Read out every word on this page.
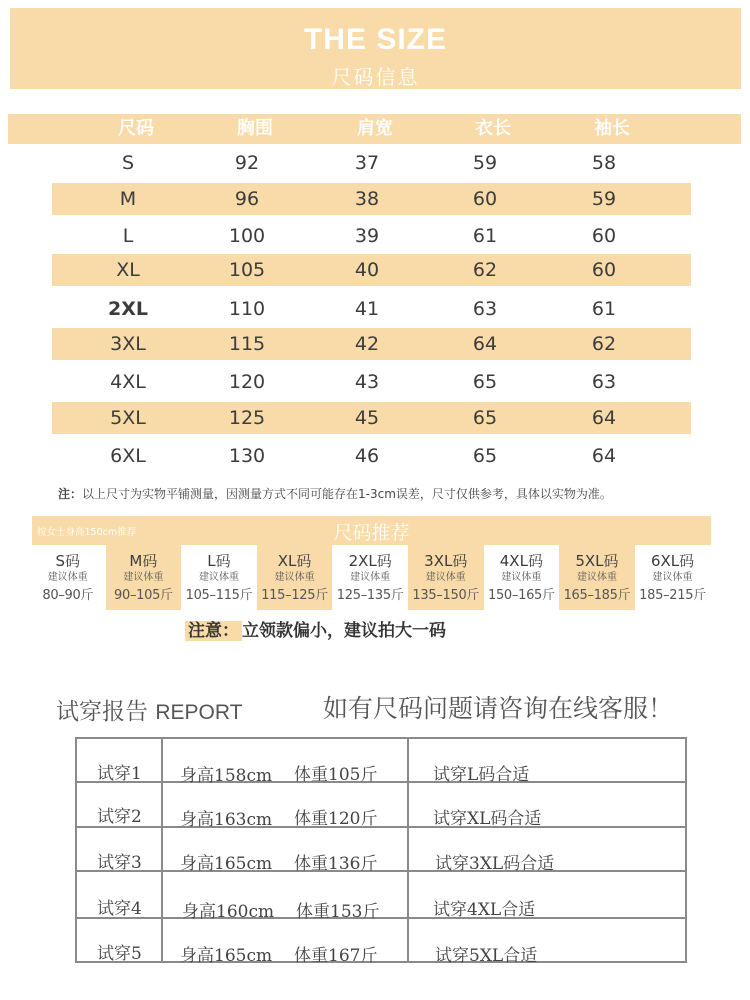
THE SIZE
尺码信息
尺码	胸围	肩宽	衣长	袖长
S	92	37	59	58
M	96	38	60	59
L	100	39	61	60
XL	105	40	62	60
2XL	110	41	63	61
3XL	115	42	64	62
4XL	120	43	65	63
5XL	125	45	65	64
6XL	130	46	65	64
注：以上尺寸为实物平铺测量，因测量方式不同可能存在1-3cm误差，尺寸仅供参考，具体以实物为准。
按女士身高150cm推荐	尺码推荐
S码
建议体重
80–90斤
M码
建议体重
90–105斤
L码
建议体重
105–115斤
XL码
建议体重
115–125斤
2XL码
建议体重
125–135斤
3XL码
建议体重
135–150斤
4XL码
建议体重
150–165斤
5XL码
建议体重
165–185斤
6XL码
建议体重
185–215斤
注意： 立领款偏小，建议拍大一码
试穿报告 REPORT	如有尺码问题请咨询在线客服！
试穿1 身高158cm 体重105斤	试穿L码合适
试穿2 身高163cm 体重120斤	试穿XL码合适
试穿3 身高165cm 体重136斤	试穿3XL码合适
试穿4 身高160cm 体重153斤	试穿4XL合适
试穿5 身高165cm 体重167斤	试穿5XL合适
